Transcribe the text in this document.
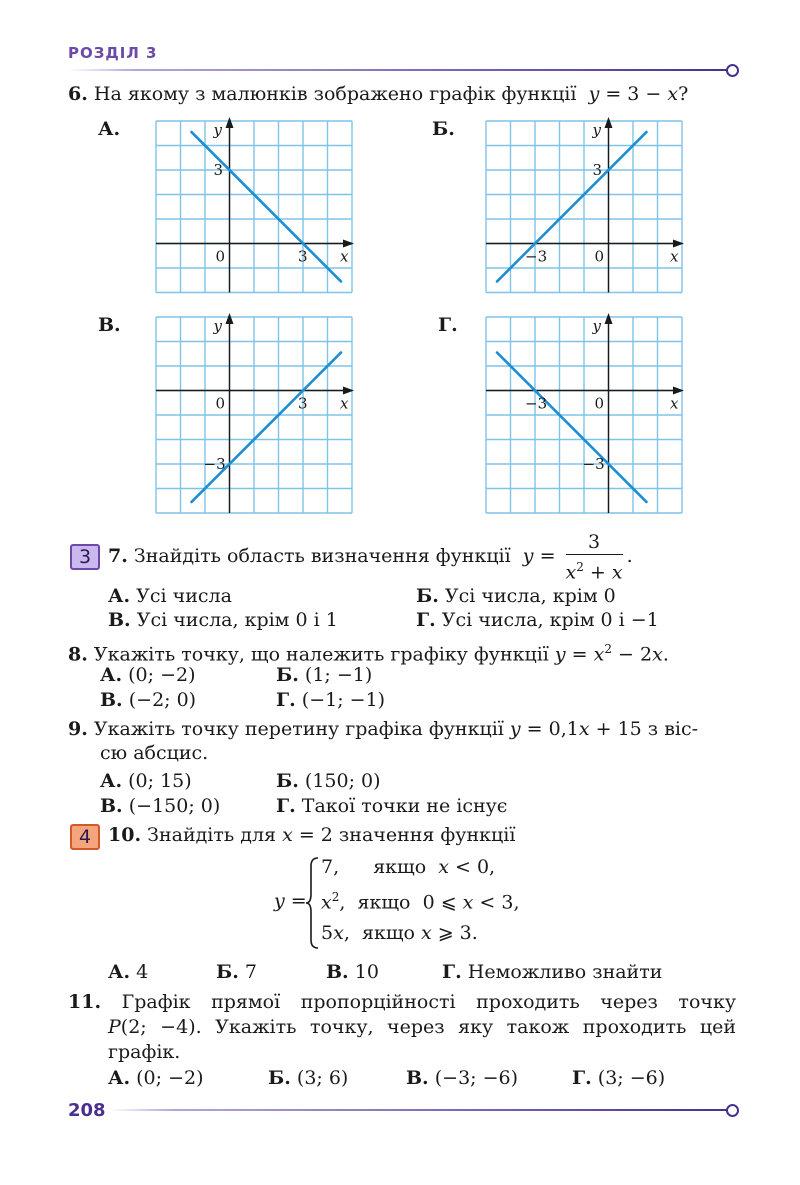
РОЗДІЛ 3
6. На якому з малюнків зображено графік функції y = 3 − x?
А.	Б.
В.	Г.
y
x
0
3
3
y
x
0
3
−3
y
x
0
−3
3
y
x
0
−3
−3
3 7. Знайдіть область визначення функції $y = \frac{3}{x^2 + x}$ .
А. Усі числа	Б. Усі числа, крім 0
В. Усі числа, крім 0 і 1	Г. Усі числа, крім 0 і −1
8. Укажіть точку, що належить графіку функції $y = x^2 - 2x$.
А. (0; −2)	Б. (1; −1)
В. (−2; 0)	Г. (−1; −1)
9. Укажіть точку перетину графіка функції y = 0,1x + 15 з віс-
сю абсцис.
А. (0; 15)	Б. (150; 0)
В. (−150; 0)	Г. Такої точки не існує
4 10. Знайдіть для x = 2 значення функції
y =
7, якщо x < 0,
$x^2$, якщо 0 ⩽ x < 3,
5x, якщо x ⩾ 3.
А. 4	Б. 7	В. 10	Г. Неможливо знайти
11. Графік прямої пропорційності проходить через точку
P(2; −4). Укажіть точку, через яку також проходить цей
графік.
А. (0; −2)	Б. (3; 6)	В. (−3; −6)	Г. (3; −6)
208
